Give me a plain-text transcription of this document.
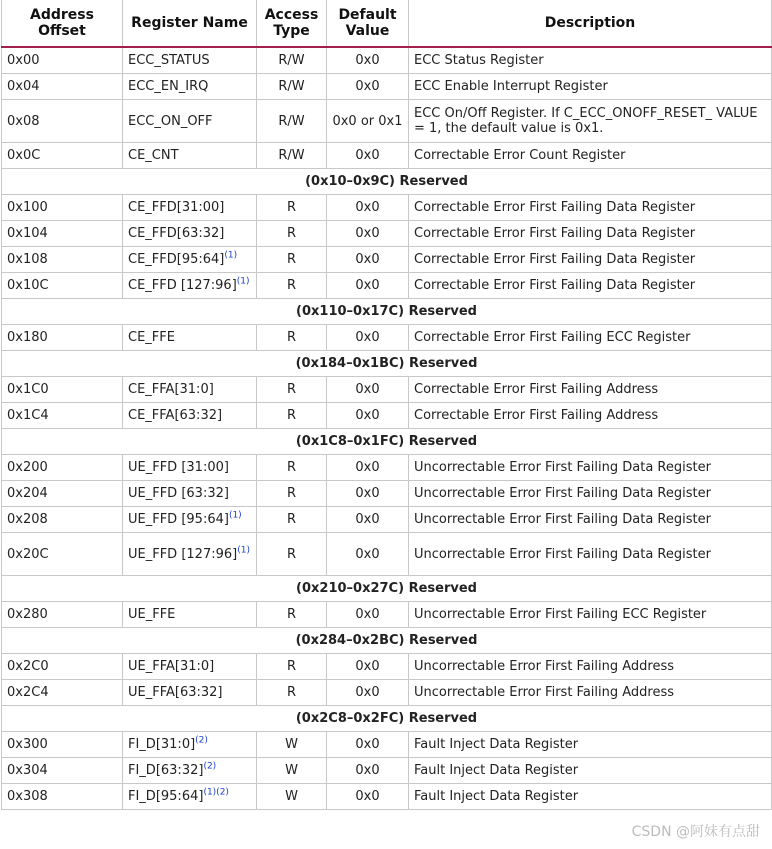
Address Offset	Register Name	Access Type	Default Value	Description
0x00	ECC_STATUS	R/W	0x0	ECC Status Register
0x04	ECC_EN_IRQ	R/W	0x0	ECC Enable Interrupt Register
0x08	ECC_ON_OFF	R/W	0x0 or 0x1	ECC On/Off Register. If C_ECC_ONOFF_RESET_ VALUE = 1, the default value is 0x1.
0x0C	CE_CNT	R/W	0x0	Correctable Error Count Register
(0x10–0x9C) Reserved				
0x100	CE_FFD[31:00]	R	0x0	Correctable Error First Failing Data Register
0x104	CE_FFD[63:32]	R	0x0	Correctable Error First Failing Data Register
0x108	CE_FFD[95:64]$^{(1)}$	R	0x0	Correctable Error First Failing Data Register
0x10C	CE_FFD [127:96]$^{(1)}$	R	0x0	Correctable Error First Failing Data Register
(0x110–0x17C) Reserved				
0x180	CE_FFE	R	0x0	Correctable Error First Failing ECC Register
(0x184–0x1BC) Reserved				
0x1C0	CE_FFA[31:0]	R	0x0	Correctable Error First Failing Address
0x1C4	CE_FFA[63:32]	R	0x0	Correctable Error First Failing Address
(0x1C8–0x1FC) Reserved				
0x200	UE_FFD [31:00]	R	0x0	Uncorrectable Error First Failing Data Register
0x204	UE_FFD [63:32]	R	0x0	Uncorrectable Error First Failing Data Register
0x208	UE_FFD [95:64]$^{(1)}$	R	0x0	Uncorrectable Error First Failing Data Register
0x20C	UE_FFD [127:96]$^{(1)}$	R	0x0	Uncorrectable Error First Failing Data Register
(0x210–0x27C) Reserved				
0x280	UE_FFE	R	0x0	Uncorrectable Error First Failing ECC Register
(0x284–0x2BC) Reserved				
0x2C0	UE_FFA[31:0]	R	0x0	Uncorrectable Error First Failing Address
0x2C4	UE_FFA[63:32]	R	0x0	Uncorrectable Error First Failing Address
(0x2C8–0x2FC) Reserved				
0x300	FI_D[31:0]$^{(2)}$	W	0x0	Fault Inject Data Register
0x304	FI_D[63:32]$^{(2)}$	W	0x0	Fault Inject Data Register
0x308	FI_D[95:64]$^{(1)(2)}$	W	0x0	Fault Inject Data Register
CSDN @阿妹有点甜
